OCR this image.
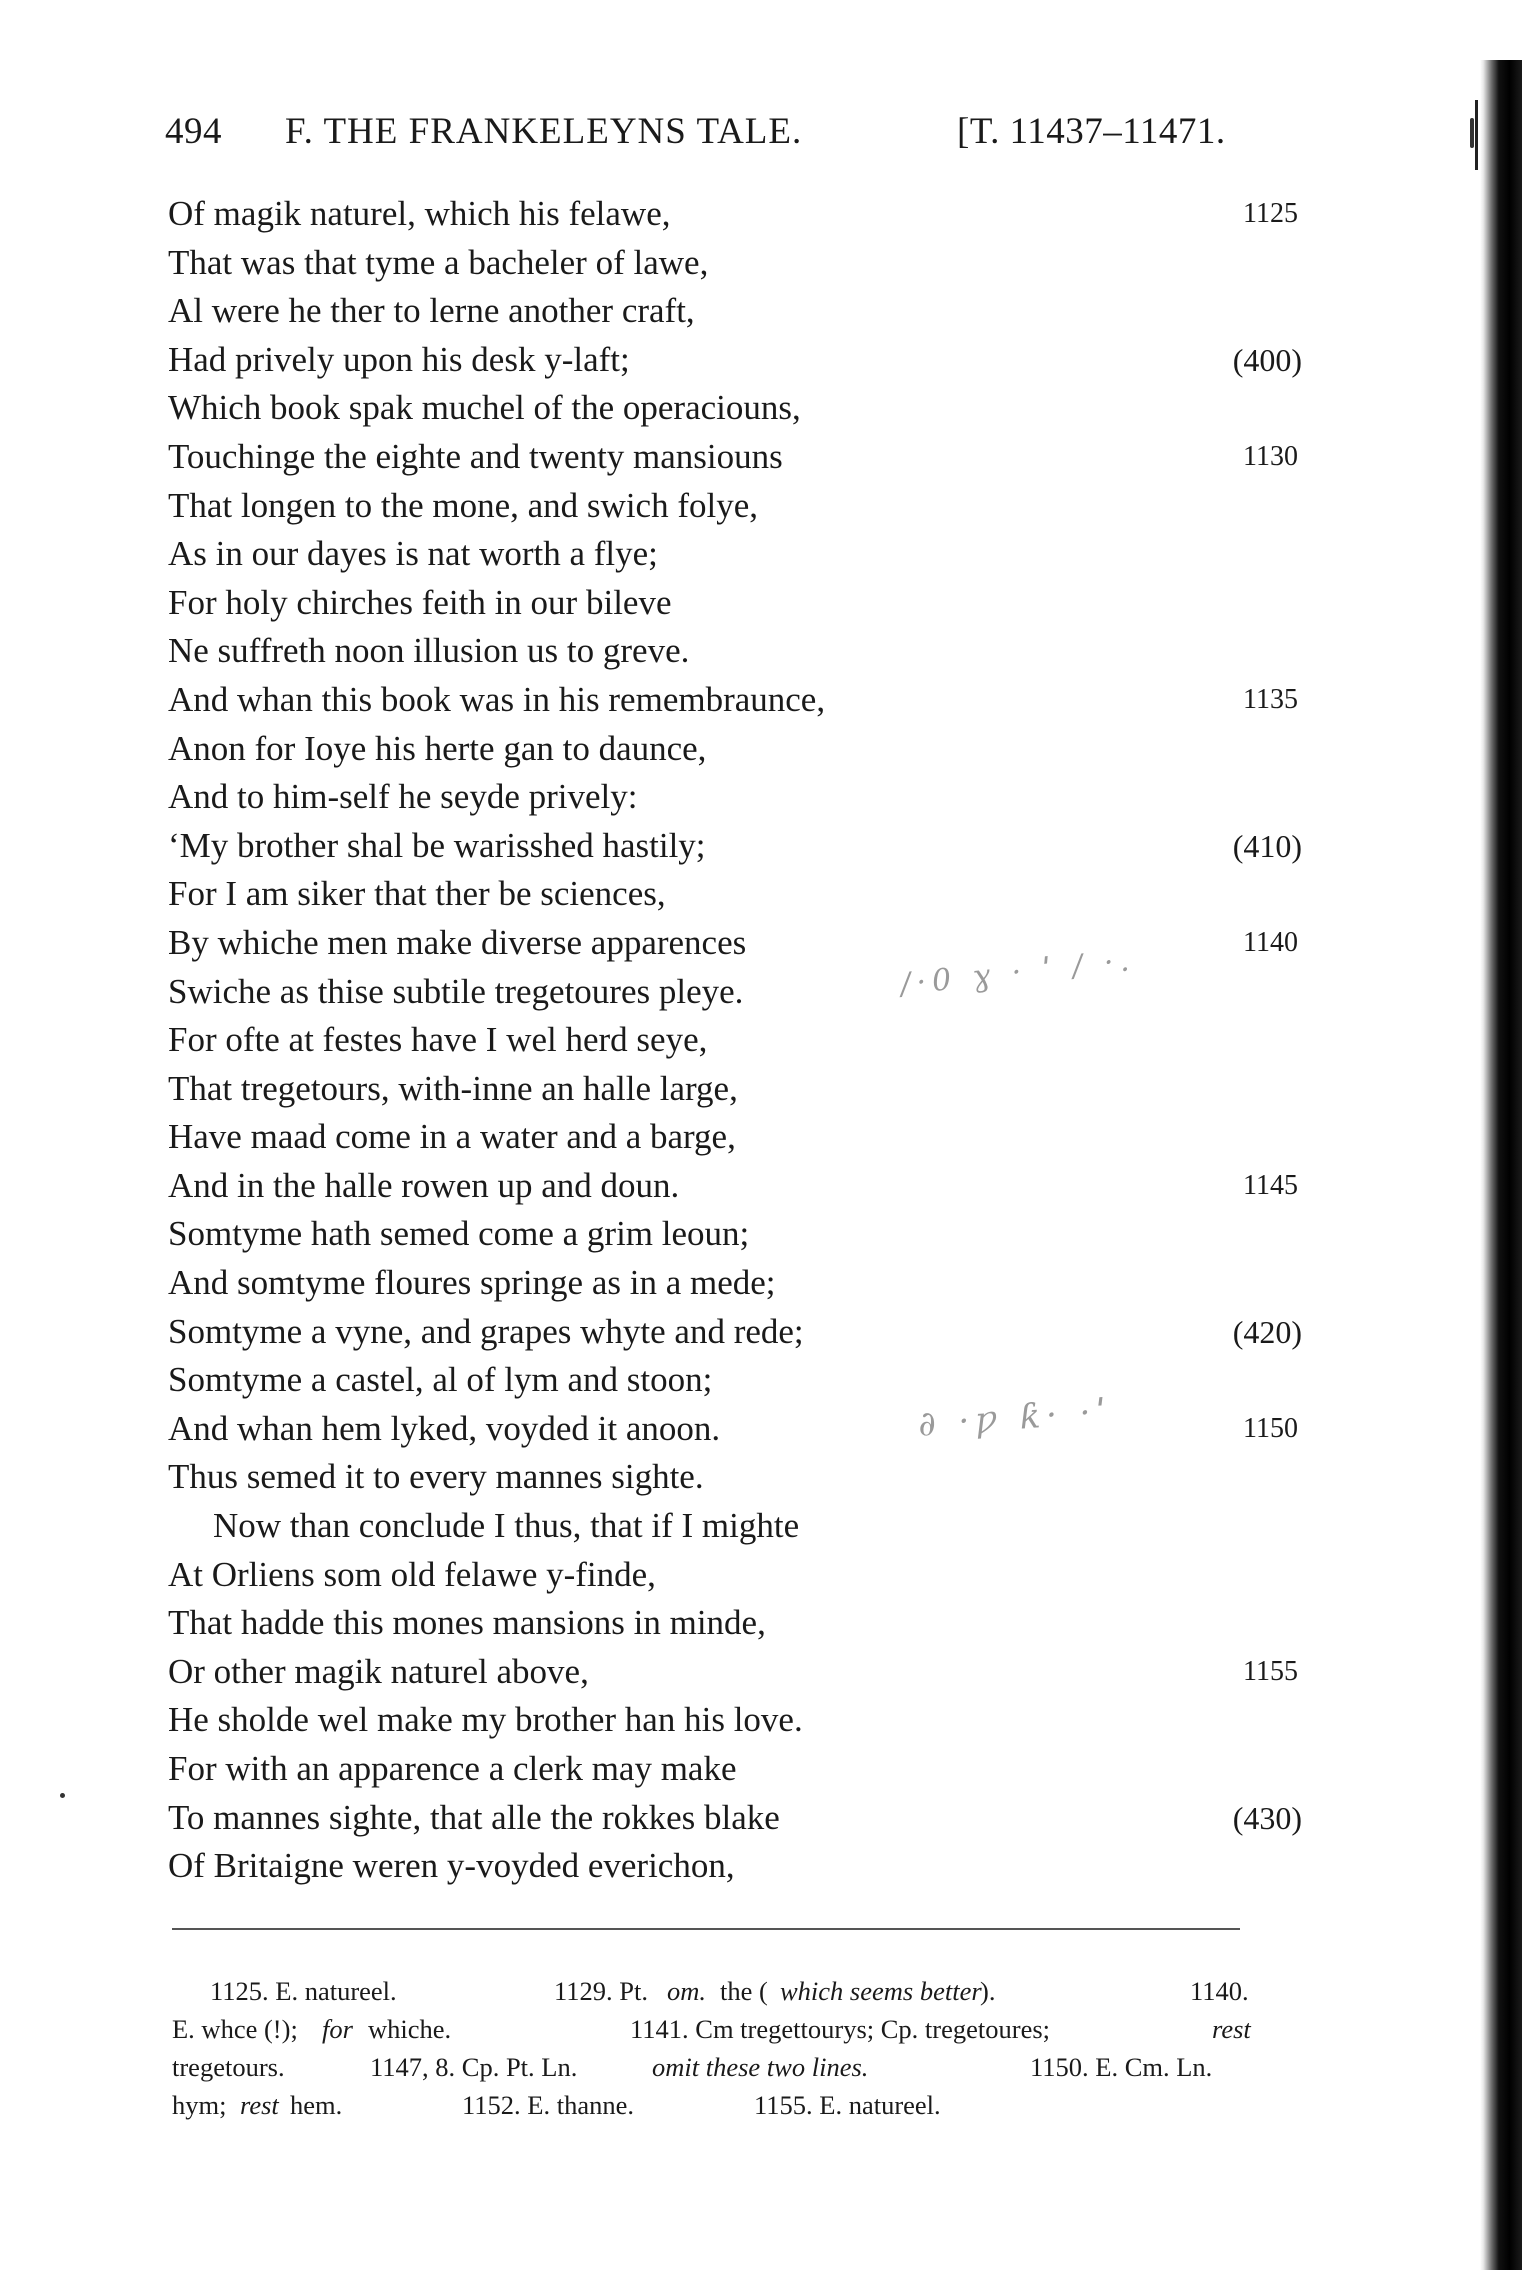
494 F. THE FRANKELEYNS TALE.	[T. 11437–11471.
Of magik naturel, which his felawe,	1125
That was that tyme a bacheler of lawe,
Al were he ther to lerne another craft,
Had prively upon his desk y-laft;	(400)
Which book spak muchel of the operaciouns,
Touchinge the eighte and twenty mansiouns	1130
That longen to the mone, and swich folye,
As in our dayes is nat worth a flye;
For holy chirches feith in our bileve
Ne suffreth noon illusion us to greve.
And whan this book was in his remembraunce,	1135
Anon for Ioye his herte gan to daunce,
And to him-self he seyde prively:
‘My brother shal be warisshed hastily;	(410)
For I am siker that ther be sciences,
By whiche men make diverse apparences	1140
Swiche as thise subtile tregetoures pleye.
For ofte at festes have I wel herd seye,
That tregetours, with-inne an halle large,
Have maad come in a water and a barge,
And in the halle rowen up and doun.	1145
Somtyme hath semed come a grim leoun;
And somtyme floures springe as in a mede;
Somtyme a vyne, and grapes whyte and rede;	(420)
Somtyme a castel, al of lym and stoon;
And whan hem lyked, voyded it anoon.	1150
Thus semed it to every mannes sighte.
Now than conclude I thus, that if I mighte
At Orliens som old felawe y-finde,
That hadde this mones mansions in minde,
Or other magik naturel above,	1155
He sholde wel make my brother han his love.
For with an apparence a clerk may make
To mannes sighte, that alle the rokkes blake	(430)
Of Britaigne weren y-voyded everichon,
/·0 ɣ · ˈ / ·.
∂ ·ƿ ƙ· ·ˈ
1125. E. natureel.	1129. Pt. om. the ( which seems better
).	1140.
E. whce (!); for whiche.	1141. Cm tregettourys; Cp. tregetoures;	rest
tregetours.	1147, 8. Cp. Pt. Ln.	omit these two lines.	1150. E. Cm. Ln.
hym; rest hem.	1152. E. thanne.	1155. E. natureel.
